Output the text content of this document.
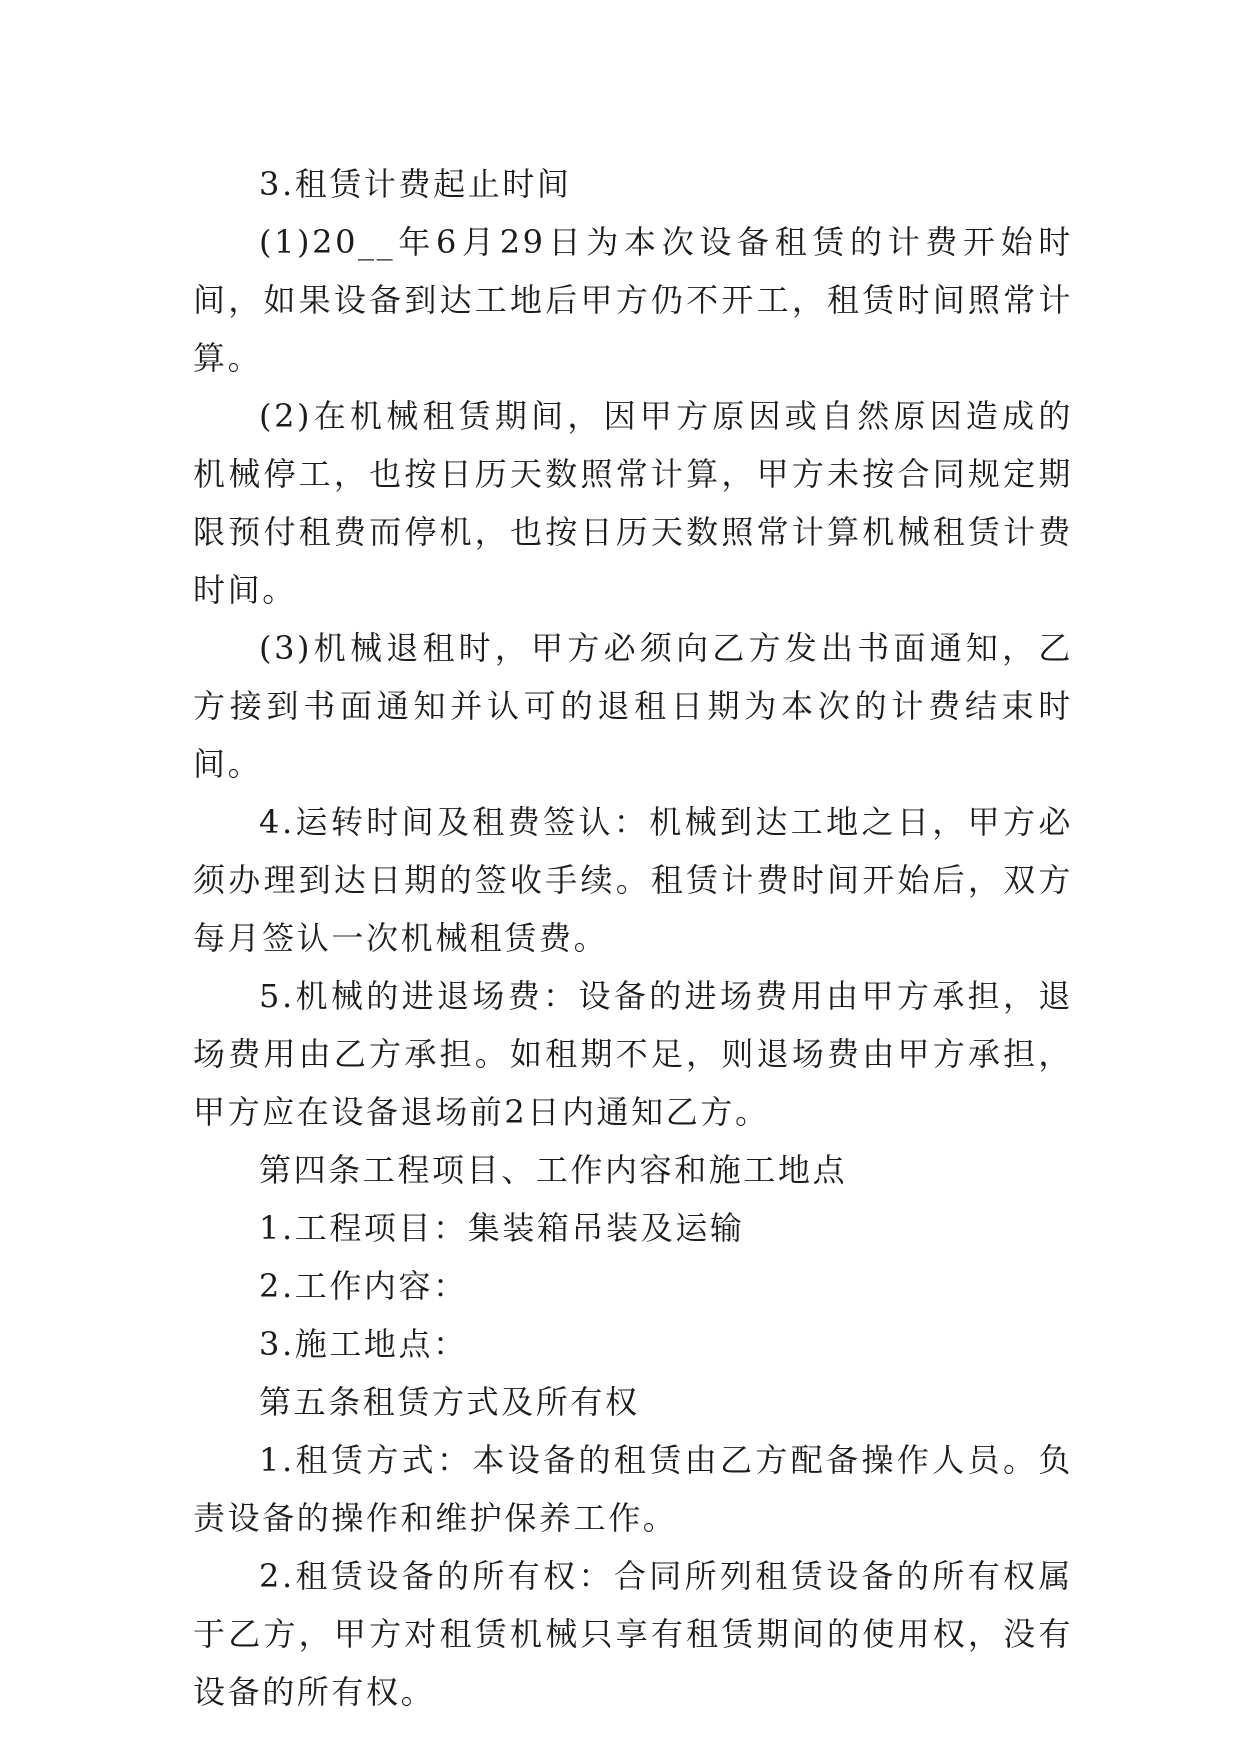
3.租赁计费起止时间

(1)20__年6月29日为本次设备租赁的计费开始时间，如果设备到达工地后甲方仍不开工，租赁时间照常计算。

(2)在机械租赁期间，因甲方原因或自然原因造成的机械停工，也按日历天数照常计算，甲方未按合同规定期限预付租费而停机，也按日历天数照常计算机械租赁计费时间。

(3)机械退租时，甲方必须向乙方发出书面通知，乙方接到书面通知并认可的退租日期为本次的计费结束时间。

4.运转时间及租费签认：机械到达工地之日，甲方必须办理到达日期的签收手续。租赁计费时间开始后，双方每月签认一次机械租赁费。

5.机械的进退场费：设备的进场费用由甲方承担，退场费用由乙方承担。如租期不足，则退场费由甲方承担，甲方应在设备退场前2日内通知乙方。

第四条工程项目、工作内容和施工地点

1.工程项目：集装箱吊装及运输

2.工作内容：

3.施工地点：

第五条租赁方式及所有权

1.租赁方式：本设备的租赁由乙方配备操作人员。负责设备的操作和维护保养工作。

2.租赁设备的所有权：合同所列租赁设备的所有权属于乙方，甲方对租赁机械只享有租赁期间的使用权，没有设备的所有权。
